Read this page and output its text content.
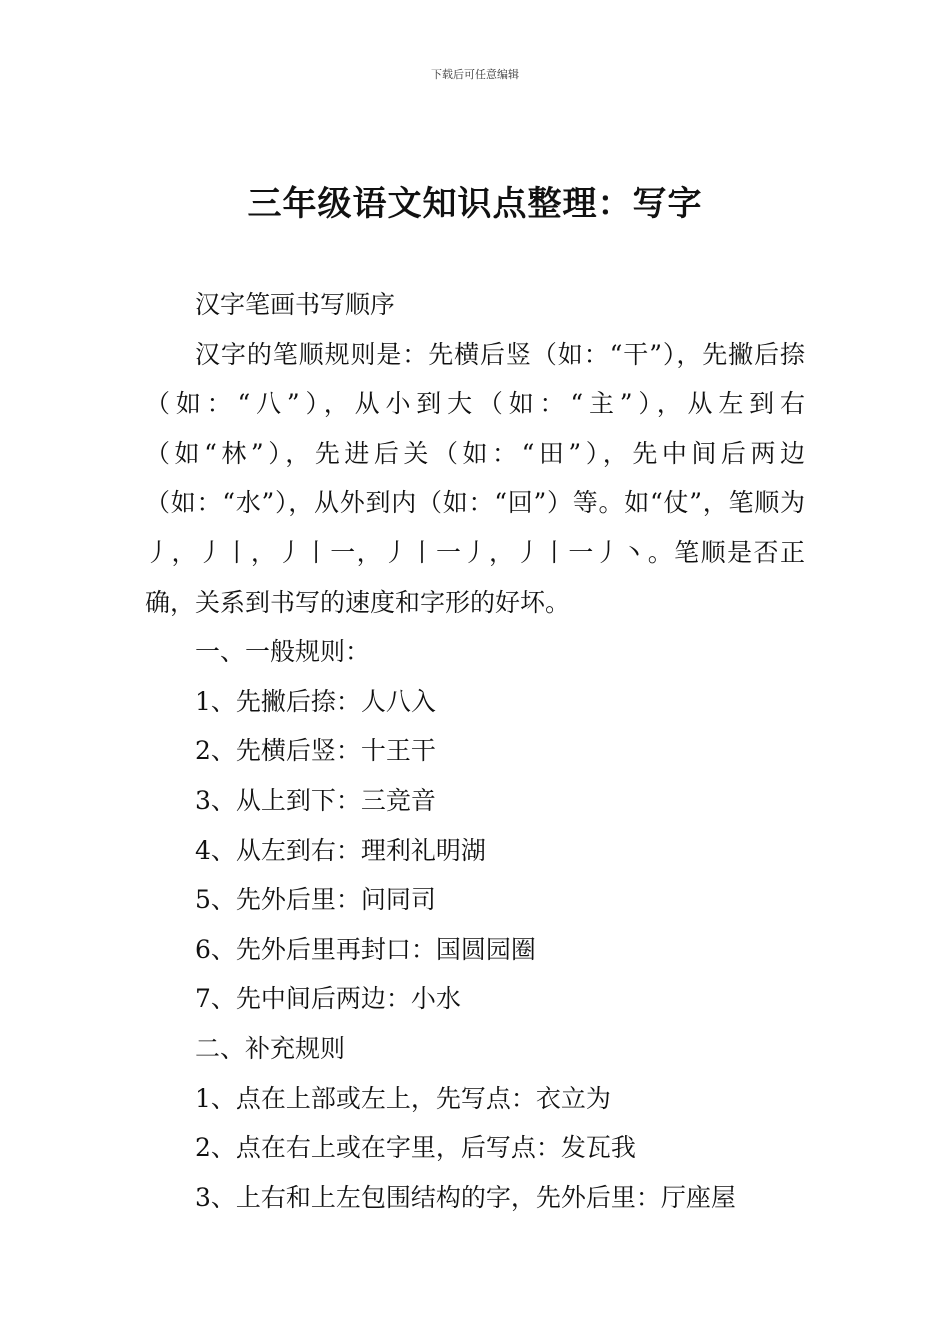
下载后可任意编辑
三年级语文知识点整理：写字

汉字笔画书写顺序

汉字的笔顺规则是：先横后竖（如：“干”），先撇后捺（如：“八”），从小到大（如：“主”），从左到右（如“林”），先进后关（如：“田”），先中间后两边（如：“水”），从外到内（如：“回”）等。如“仗”，笔顺为丿，丿丨，丿丨一，丿丨一丿，丿丨一丿丶。笔顺是否正确，关系到书写的速度和字形的好坏。

一、一般规则：

1、先撇后捺：人八入

2、先横后竖：十王干

3、从上到下：三竞音

4、从左到右：理利礼明湖

5、先外后里：问同司

6、先外后里再封口：国圆园圈

7、先中间后两边：小水

二、补充规则

1、点在上部或左上，先写点：衣立为

2、点在右上或在字里，后写点：发瓦我

3、上右和上左包围结构的字，先外后里：厅座屋
